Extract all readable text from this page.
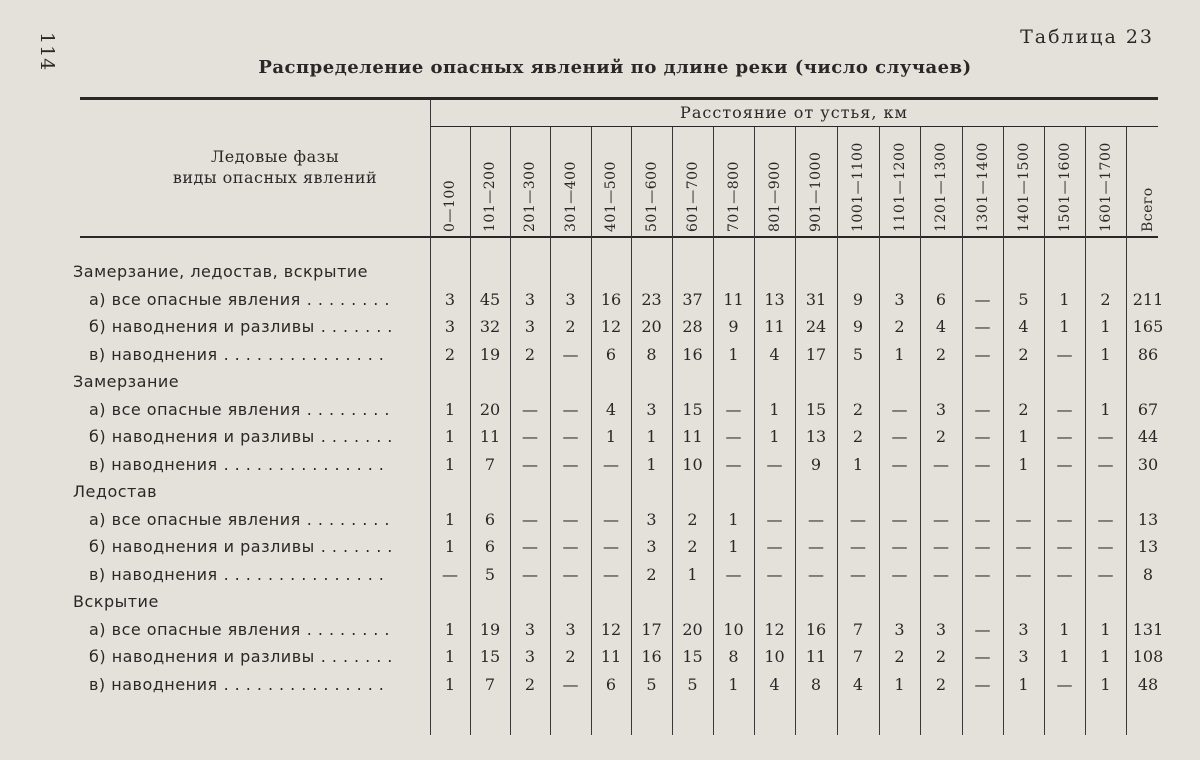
114	Таблица 23
Распределение опасных явлений по длине реки (число случаев)
Расстояние от устья, км
Ледовые фазы
виды опасных явлений
0—100 101—200 201—300 301—400 401—500 501—600 601—700 701—800 801—900 901—1000 1001—1100 1101—1200 1201—1300 1301—1400 1401—1500 1501—1600 1601—1700 Всего
Замерзание, ледостав, вскрытие
а) все опасные явления ........	3	45	3	3	16	23	37	11	13	31	9	3	6	—	5	1	2	211
б) наводнения и разливы .......	3	32	3	2	12	20	28	9	11	24	9	2	4	—	4	1	1	165
в) наводнения ...............	2	19	2	—	6	8	16	1	4	17	5	1	2	—	2	—	1	86
Замерзание
а) все опасные явления ........	1	20	—	—	4	3	15	—	1	15	2	—	3	—	2	—	1	67
б) наводнения и разливы .......	1	11	—	—	1	1	11	—	1	13	2	—	2	—	1	—	—	44
в) наводнения ...............	1	7	—	—	—	1	10	—	—	9	1	—	—	—	1	—	—	30
Ледостав
а) все опасные явления ........	1	6	—	—	—	3	2	1	—	—	—	—	—	—	—	—	—	13
б) наводнения и разливы .......	1	6	—	—	—	3	2	1	—	—	—	—	—	—	—	—	—	13
в) наводнения ...............	—	5	—	—	—	2	1	—	—	—	—	—	—	—	—	—	—	8
Вскрытие
а) все опасные явления ........	1	19	3	3	12	17	20	10	12	16	7	3	3	—	3	1	1	131
б) наводнения и разливы .......	1	15	3	2	11	16	15	8	10	11	7	2	2	—	3	1	1	108
в) наводнения ...............	1	7	2	—	6	5	5	1	4	8	4	1	2	—	1	—	1	48
